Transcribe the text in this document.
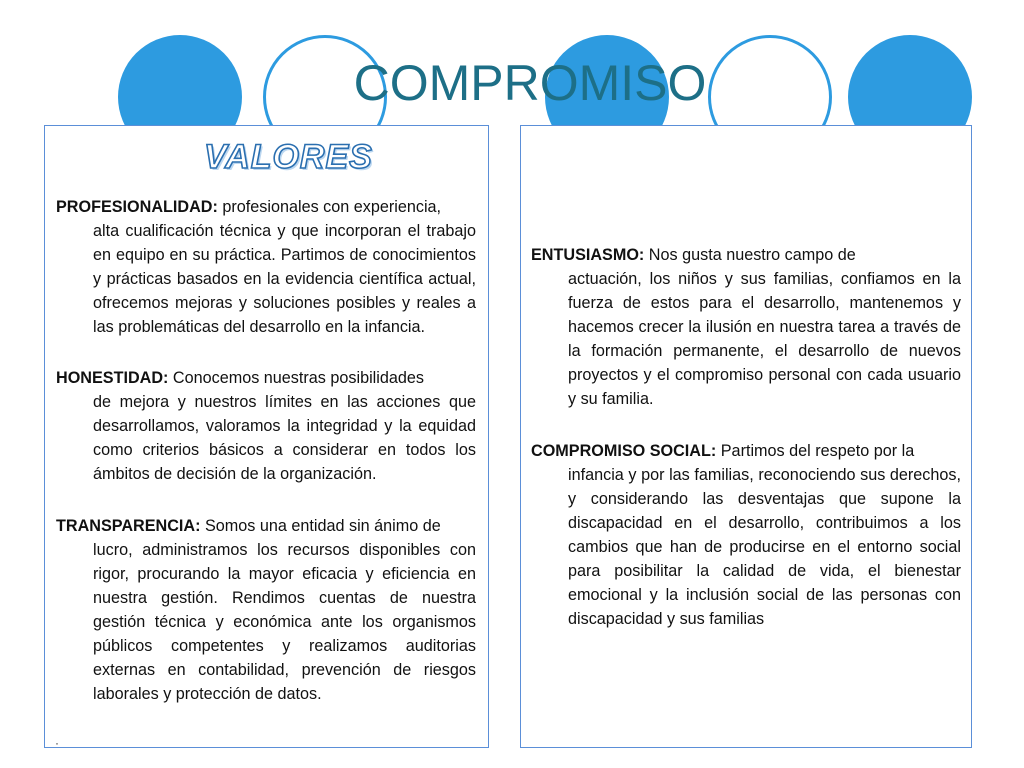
COMPROMISO
VALORES
PROFESIONALIDAD: profesionales con experiencia,
alta cualificación técnica y que incorporan el trabajo en equipo en su práctica. Partimos de conocimientos y prácticas basados en la evidencia científica actual, ofrecemos mejoras y soluciones posibles y reales a las problemáticas del desarrollo en la infancia.
HONESTIDAD: Conocemos nuestras posibilidades
de mejora y nuestros límites en las acciones que desarrollamos, valoramos la integridad y la equidad como criterios básicos a considerar en todos los ámbitos de decisión de la organización.
TRANSPARENCIA: Somos una entidad sin ánimo de
lucro, administramos los recursos disponibles con rigor, procurando la mayor eficacia y eficiencia en nuestra gestión. Rendimos cuentas de nuestra gestión técnica y económica ante los organismos públicos competentes y realizamos auditorias externas en contabilidad, prevención de riesgos laborales y protección de datos.
ENTUSIASMO: Nos gusta nuestro campo de
actuación, los niños y sus familias, confiamos en la fuerza de estos para el desarrollo, mantenemos y hacemos crecer la ilusión en nuestra tarea a través de la formación permanente, el desarrollo de nuevos proyectos y el compromiso personal con cada usuario y su familia.
COMPROMISO SOCIAL: Partimos del respeto por la
infancia y por las familias, reconociendo sus derechos, y considerando las desventajas que supone la discapacidad en el desarrollo, contribuimos a los cambios que han de producirse en el entorno social para posibilitar la calidad de vida, el bienestar emocional y la inclusión social de las personas con discapacidad y sus familias
·
